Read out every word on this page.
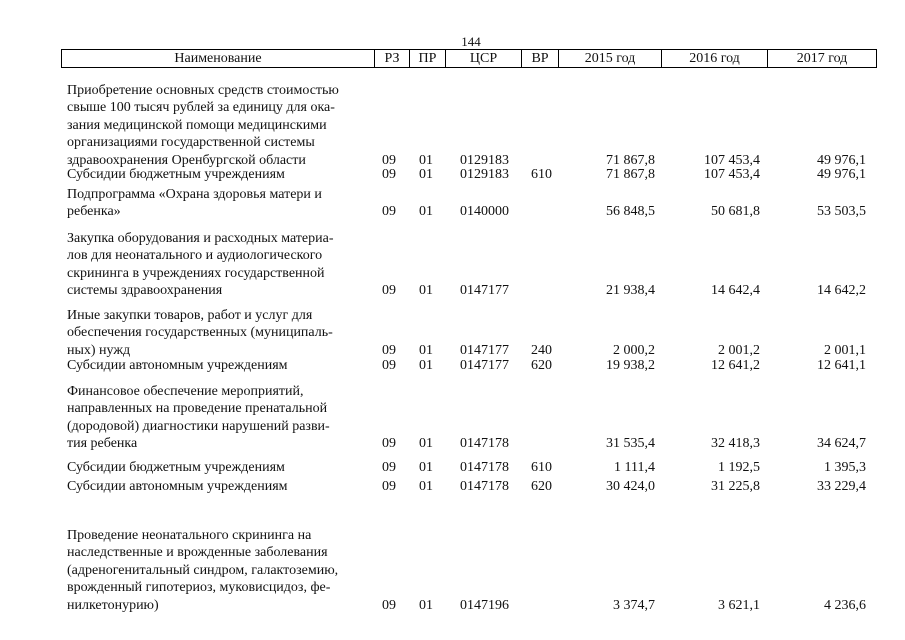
144
Наименование	РЗ	ПР	ЦСР	ВР	2015 год	2016 год	2017 год
Приобретение основных средств стоимостью
свыше 100 тысяч рублей за единицу для ока-
зания медицинской помощи медицинскими
организациями государственной системы
здравоохранения Оренбургской области	09 01 0129183	71 867,8	107 453,4	49 976,1
Субсидии бюджетным учреждениям	09 01 0129183 610	71 867,8	107 453,4	49 976,1
Подпрограмма «Охрана здоровья матери и
ребенка»	09 01 0140000	56 848,5	50 681,8	53 503,5
Закупка оборудования и расходных материа-
лов для неонатального и аудиологического
скрининга в учреждениях государственной
системы здравоохранения	09 01 0147177	21 938,4	14 642,4	14 642,2
Иные закупки товаров, работ и услуг для
обеспечения государственных (муниципаль-
ных) нужд	09 01 0147177 240	2 000,2	2 001,2	2 001,1
Субсидии автономным учреждениям	09 01 0147177 620	19 938,2	12 641,2	12 641,1
Финансовое обеспечение мероприятий,
направленных на проведение пренатальной
(дородовой) диагностики нарушений разви-
тия ребенка	09 01 0147178	31 535,4	32 418,3	34 624,7
Субсидии бюджетным учреждениям	09 01 0147178 610	1 111,4	1 192,5	1 395,3
Субсидии автономным учреждениям	09 01 0147178 620	30 424,0	31 225,8	33 229,4
Проведение неонатального скрининга на
наследственные и врожденные заболевания
(адреногенитальный синдром, галактоземию,
врожденный гипотериоз, муковисцидоз, фе-
нилкетонурию)	09 01 0147196	3 374,7	3 621,1	4 236,6
